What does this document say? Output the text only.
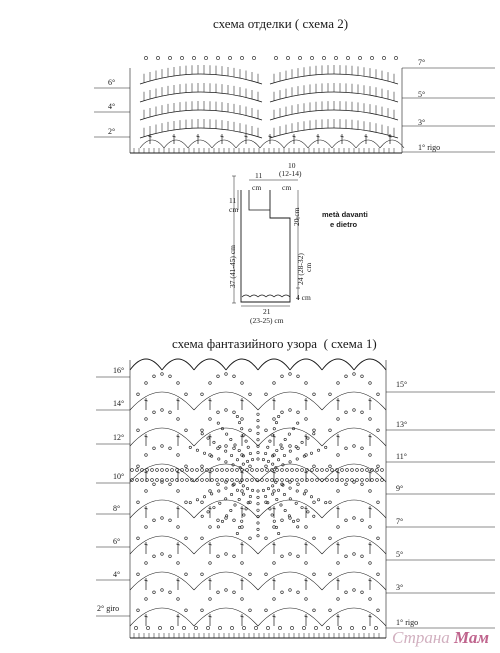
схема отделки ( схема 2)
6°
4°
2°
7°
5°
3°
1° rigo
10
(12-14)
11
cm	cm
11
cm	20 cm
37 (41-45) cm	24 (28-32) cm
4 cm
21
(23-25) cm
metà davanti
e dietro
схема фантазийного узора ( схема 1)
16°
14°
12°
10°
8°
6°
4°
2° giro
15°
13°
11°
9°
7°
5°
3°
1° rigo
Страна Мам
